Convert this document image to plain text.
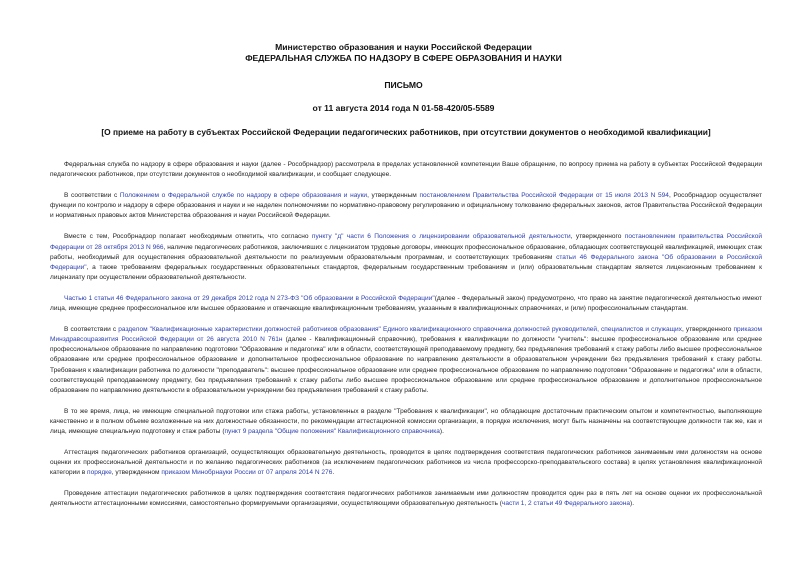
Министерство образования и науки Российской Федерации
ФЕДЕРАЛЬНАЯ СЛУЖБА ПО НАДЗОРУ В СФЕРЕ ОБРАЗОВАНИЯ И НАУКИ
ПИСЬМО
от 11 августа 2014 года N 01-58-420/05-5589
[О приеме на работу в субъектах Российской Федерации педагогических работников, при отсутствии документов о необходимой квалификации]

Федеральная служба по надзору в сфере образования и науки (далее - Рособрнадзор) рассмотрела в пределах установленной компетенции Ваше обращение, по вопросу приема на работу в субъектах Российской Федерации педагогических работников, при отсутствии документов о необходимой квалификации, и сообщает следующее.

В соответствии с Положением о Федеральной службе по надзору в сфере образования и науки, утвержденным постановлением Правительства Российской Федерации от 15 июля 2013 N 594, Рособрнадзор осуществляет функции по контролю и надзору в сфере образования и науки и не наделен полномочиями по нормативно-правовому регулированию и официальному толкованию федеральных законов, актов Правительства Российской Федерации и нормативных правовых актов Министерства образования и науки Российской Федерации.

Вместе с тем, Рособрнадзор полагает необходимым отметить, что согласно пункту "д" части 6 Положения о лицензировании образовательной деятельности, утвержденного постановлением правительства Российской Федерации от 28 октября 2013 N 966, наличие педагогических работников, заключивших с лицензиатом трудовые договоры, имеющих профессиональное образование, обладающих соответствующей квалификацией, имеющих стаж работы, необходимый для осуществления образовательной деятельности по реализуемым образовательным программам, и соответствующих требованиям статьи 46 Федерального закона "Об образовании в Российской Федерации", а также требованиям федеральных государственных образовательных стандартов, федеральным государственным требованиям и (или) образовательным стандартам является лицензионным требованием к лицензиату при осуществлении образовательной деятельности.

Частью 1 статьи 46 Федерального закона от 29 декабря 2012 года N 273-ФЗ "Об образовании в Российской Федерации"(далее - Федеральный закон) предусмотрено, что право на занятие педагогической деятельностью имеют лица, имеющие среднее профессиональное или высшее образование и отвечающие квалификационным требованиям, указанным в квалификационных справочниках, и (или) профессиональным стандартам.

В соответствии с разделом "Квалификационные характеристики должностей работников образования" Единого квалификационного справочника должностей руководителей, специалистов и служащих, утвержденного приказом Минздравсоцразвития Российской Федерации от 26 августа 2010 N 761н (далее - Квалификационный справочник), требования к квалификации по должности "учитель": высшее профессиональное образование или среднее профессиональное образование по направлению подготовки "Образование и педагогика" или в области, соответствующей преподаваемому предмету, без предъявления требований к стажу работы либо высшее профессиональное образование или среднее профессиональное образование и дополнительное профессиональное образование по направлению деятельности в образовательном учреждении без предъявления требований к стажу работы. Требования к квалификации работника по должности "преподаватель": высшее профессиональное образование или среднее профессиональное образование по направлению подготовки "Образование и педагогика" или в области, соответствующей преподаваемому предмету, без предъявления требований к стажу работы либо высшее профессиональное образование или среднее профессиональное образование и дополнительное профессиональное образование по направлению деятельности в образовательном учреждении без предъявления требований к стажу работы.

В то же время, лица, не имеющие специальной подготовки или стажа работы, установленных в разделе "Требования к квалификации", но обладающие достаточным практическим опытом и компетентностью, выполняющие качественно и в полном объеме возложенные на них должностные обязанности, по рекомендации аттестационной комиссии организации, в порядке исключения, могут быть назначены на соответствующие должности так же, как и лица, имеющие специальную подготовку и стаж работы (пункт 9 раздела "Общие положения" Квалификационного справочника).

Аттестация педагогических работников организаций, осуществляющих образовательную деятельность, проводится в целях подтверждения соответствия педагогических работников занимаемым ими должностям на основе оценки их профессиональной деятельности и по желанию педагогических работников (за исключением педагогических работников из числа профессорско-преподавательского состава) в целях установления квалификационной категории в порядке, утвержденном приказом Минобрнауки России от 07 апреля 2014 N 276.

Проведение аттестации педагогических работников в целях подтверждения соответствия педагогических работников занимаемым ими должностям проводится один раз в пять лет на основе оценки их профессиональной деятельности аттестационными комиссиями, самостоятельно формируемыми организациями, осуществляющими образовательную деятельность (части 1, 2 статьи 49 Федерального закона).
